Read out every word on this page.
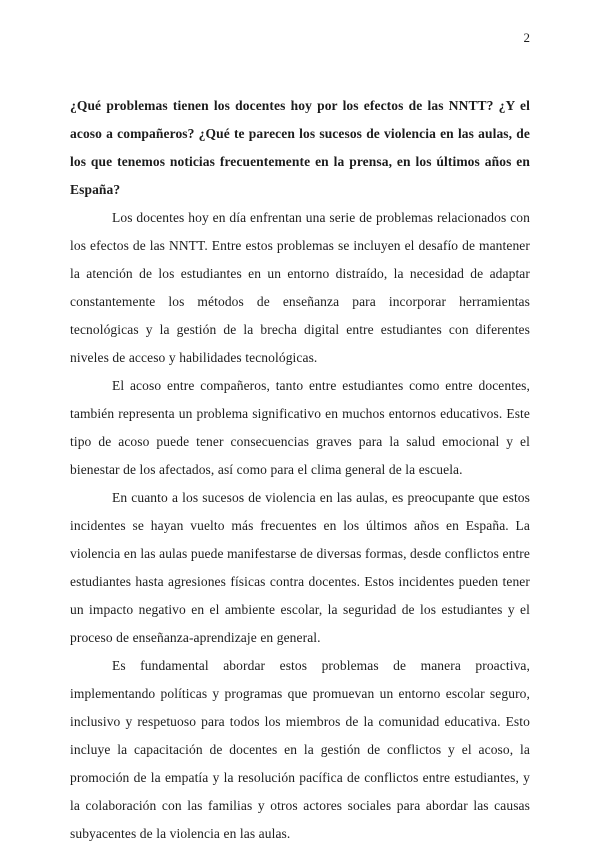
2

¿Qué problemas tienen los docentes hoy por los efectos de las NNTT? ¿Y el acoso a compañeros? ¿Qué te parecen los sucesos de violencia en las aulas, de los que tenemos noticias frecuentemente en la prensa, en los últimos años en España?

Los docentes hoy en día enfrentan una serie de problemas relacionados con los efectos de las NNTT. Entre estos problemas se incluyen el desafío de mantener la atención de los estudiantes en un entorno distraído, la necesidad de adaptar constantemente los métodos de enseñanza para incorporar herramientas tecnológicas y la gestión de la brecha digital entre estudiantes con diferentes niveles de acceso y habilidades tecnológicas.

El acoso entre compañeros, tanto entre estudiantes como entre docentes, también representa un problema significativo en muchos entornos educativos. Este tipo de acoso puede tener consecuencias graves para la salud emocional y el bienestar de los afectados, así como para el clima general de la escuela.

En cuanto a los sucesos de violencia en las aulas, es preocupante que estos incidentes se hayan vuelto más frecuentes en los últimos años en España. La violencia en las aulas puede manifestarse de diversas formas, desde conflictos entre estudiantes hasta agresiones físicas contra docentes. Estos incidentes pueden tener un impacto negativo en el ambiente escolar, la seguridad de los estudiantes y el proceso de enseñanza-aprendizaje en general.

Es fundamental abordar estos problemas de manera proactiva, implementando políticas y programas que promuevan un entorno escolar seguro, inclusivo y respetuoso para todos los miembros de la comunidad educativa. Esto incluye la capacitación de docentes en la gestión de conflictos y el acoso, la promoción de la empatía y la resolución pacífica de conflictos entre estudiantes, y la colaboración con las familias y otros actores sociales para abordar las causas subyacentes de la violencia en las aulas.
